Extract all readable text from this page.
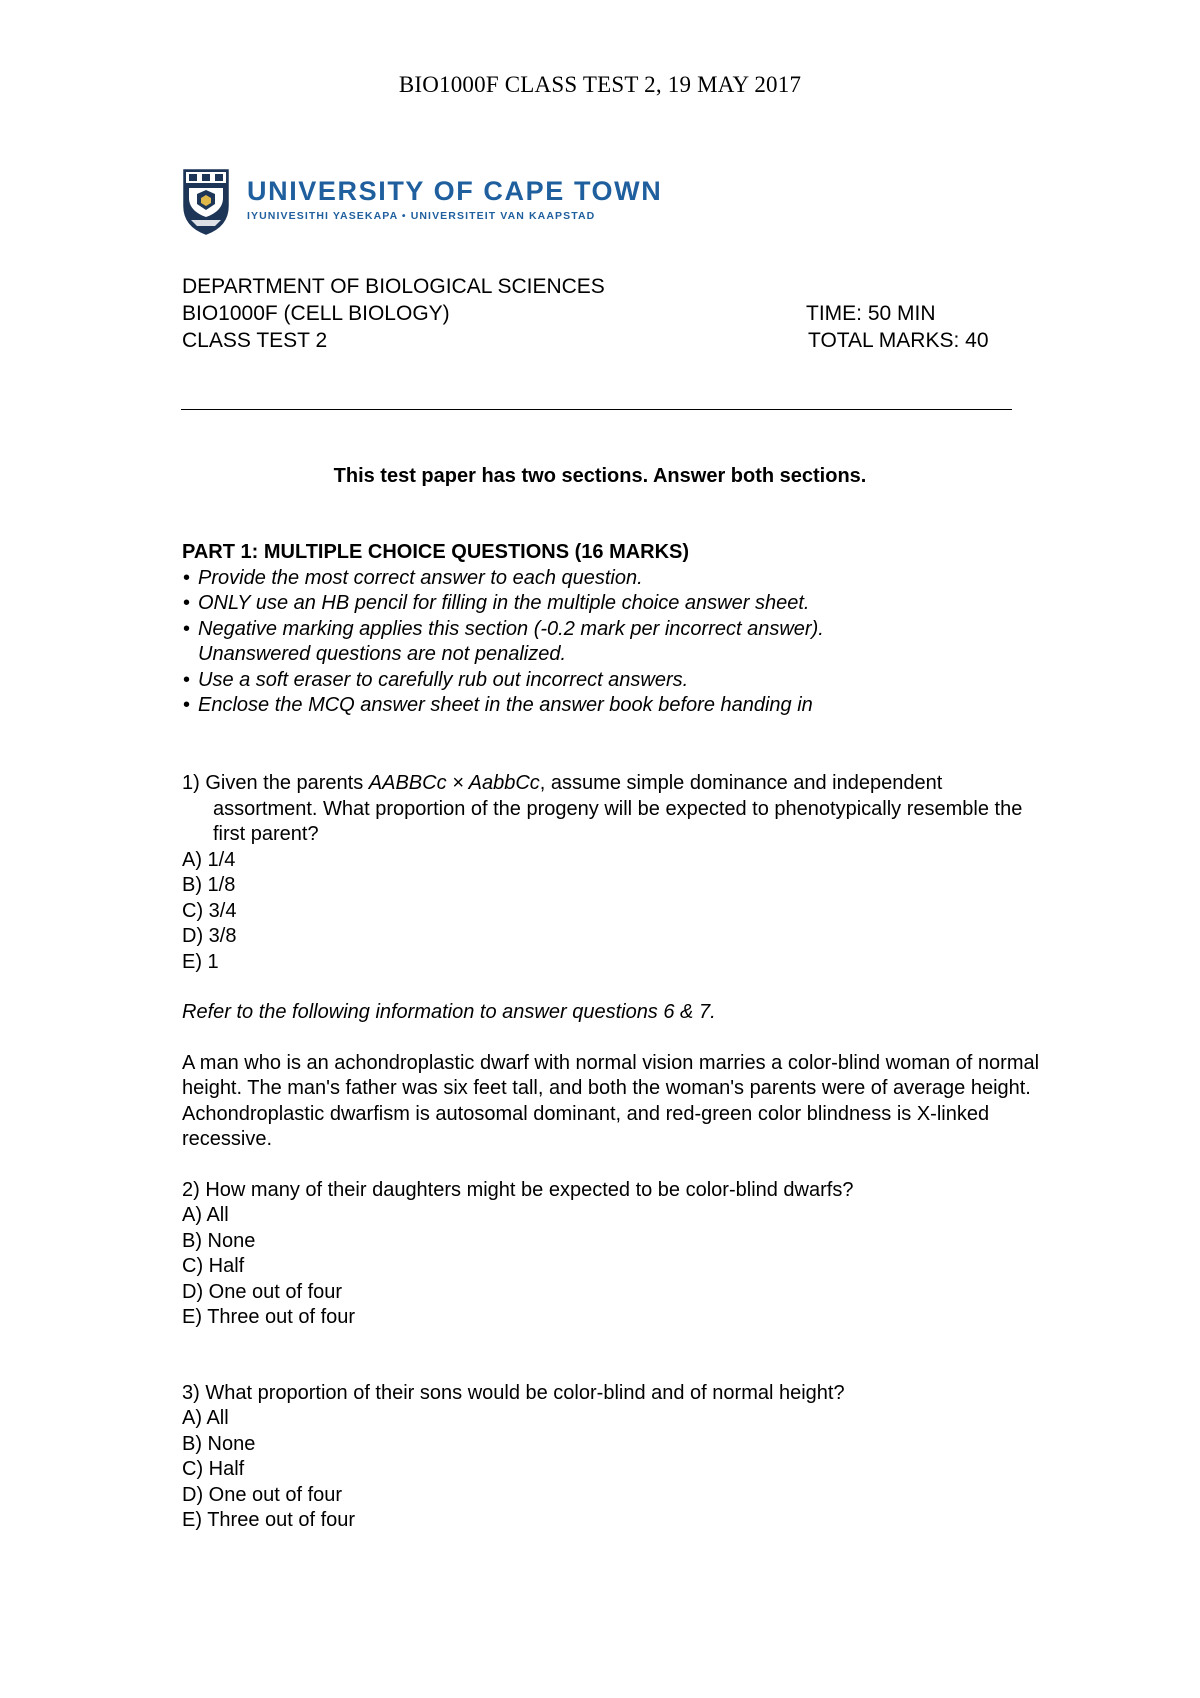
BIO1000F CLASS TEST 2, 19 MAY 2017
UNIVERSITY OF CAPE TOWN
IYUNIVESITHI YASEKAPA • UNIVERSITEIT VAN KAAPSTAD
DEPARTMENT OF BIOLOGICAL SCIENCES
BIO1000F (CELL BIOLOGY)	TIME: 50 MIN
CLASS TEST 2	TOTAL MARKS: 40
This test paper has two sections. Answer both sections.
PART 1: MULTIPLE CHOICE QUESTIONS (16 MARKS)
• Provide the most correct answer to each question.
• ONLY use an HB pencil for filling in the multiple choice answer sheet.
• Negative marking applies this section (-0.2 mark per incorrect answer).
Unanswered questions are not penalized.
• Use a soft eraser to carefully rub out incorrect answers.
• Enclose the MCQ answer sheet in the answer book before handing in

1) Given the parents AABBCc × AabbCc, assume simple dominance and independent assortment. What proportion of the progeny will be expected to phenotypically resemble the first parent?

A) 1/4
B) 1/8
C) 3/4
D) 3/8
E) 1
Refer to the following information to answer questions 6 & 7.

A man who is an achondroplastic dwarf with normal vision marries a color-blind woman of normal height. The man's father was six feet tall, and both the woman's parents were of average height. Achondroplastic dwarfism is autosomal dominant, and red-green color blindness is X-linked recessive.

2) How many of their daughters might be expected to be color-blind dwarfs?

A) All
B) None
C) Half
D) One out of four
E) Three out of four

3) What proportion of their sons would be color-blind and of normal height?

A) All
B) None
C) Half
D) One out of four
E) Three out of four
